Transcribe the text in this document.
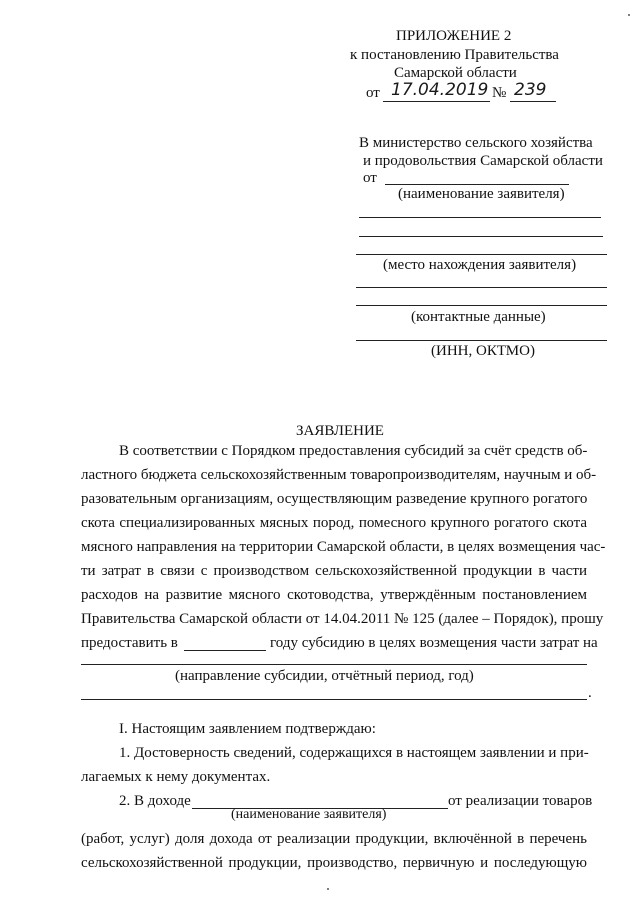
ПРИЛОЖЕНИЕ 2
к постановлению Правительства
Самарской области
от 17.04.2019 № 239
В министерство сельского хозяйства
и продовольствия Самарской области
от
(наименование заявителя)
(место нахождения заявителя)
(контактные данные)
(ИНН, ОКТМО)
ЗАЯВЛЕНИЕ
В соответствии с Порядком предоставления субсидий за счёт средств об-
ластного бюджета сельскохозяйственным товаропроизводителям, научным и об-
разовательным организациям, осуществляющим разведение крупного рогатого
скота специализированных мясных пород, помесного крупного рогатого скота
мясного направления на территории Самарской области, в целях возмещения час-
ти затрат в связи с производством сельскохозяйственной продукции в части
расходов на развитие мясного скотоводства, утверждённым постановлением
Правительства Самарской области от 14.04.2011 № 125 (далее – Порядок), прошу
предоставить в	году субсидию в целях возмещения части затрат на
(направление субсидии, отчётный период, год)
.
I. Настоящим заявлением подтверждаю:
1. Достоверность сведений, содержащихся в настоящем заявлении и при-
лагаемых к нему документах.
2. В доходе	от реализации товаров
(наименование заявителя)
(работ, услуг) доля дохода от реализации продукции, включённой в перечень
сельскохозяйственной продукции, производство, первичную и последующую
